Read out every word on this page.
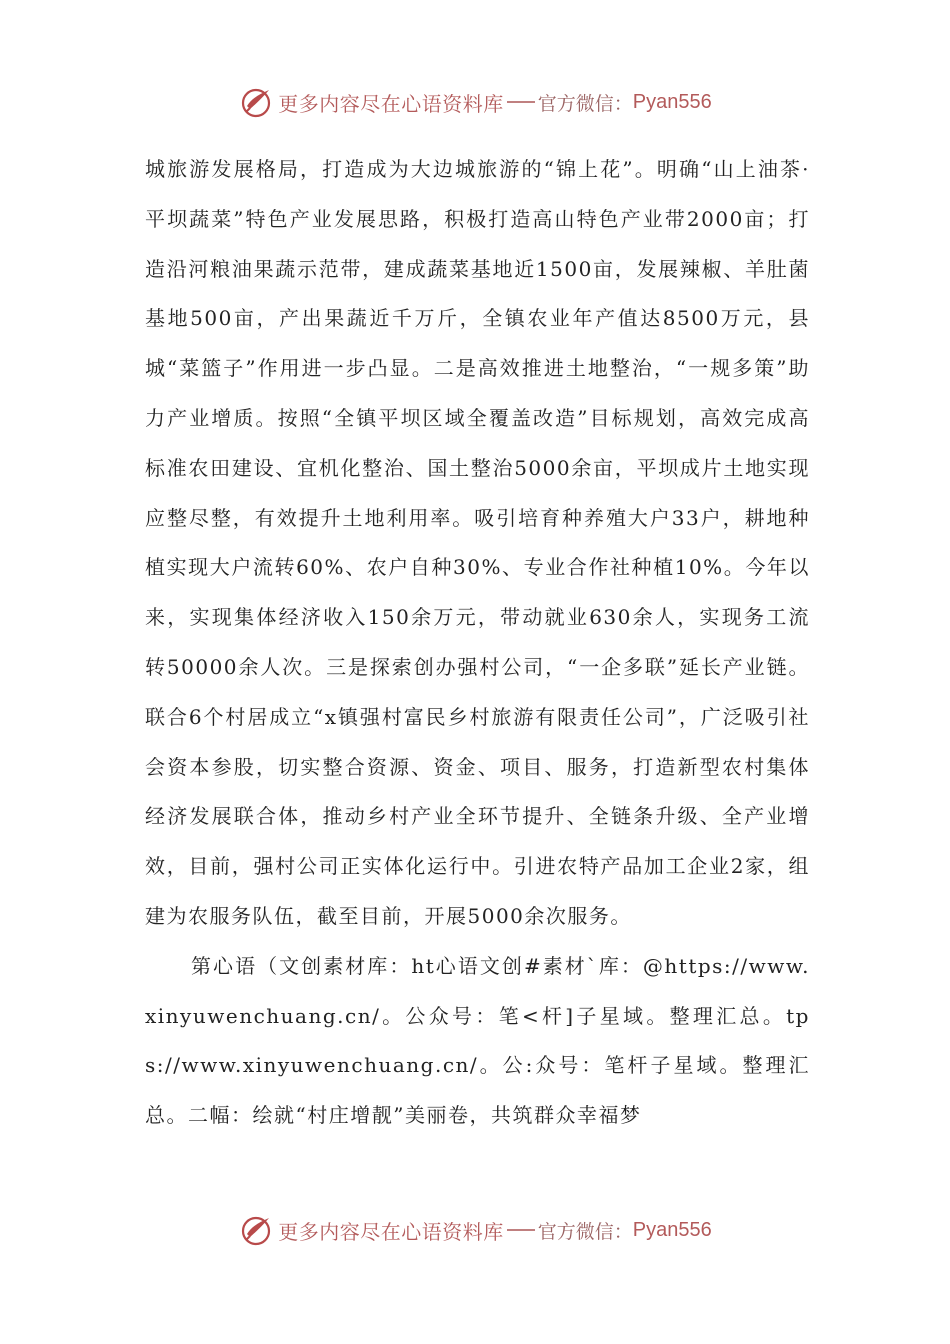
更多内容尽在心语资料库 官方微信： Pyan556

城旅游发展格局，打造成为大边城旅游的“锦上花”。明确“山上油茶·平坝蔬菜”特色产业发展思路，积极打造高山特色产业带2000亩；打造沿河粮油果蔬示范带，建成蔬菜基地近1500亩，发展辣椒、羊肚菌基地500亩，产出果蔬近千万斤，全镇农业年产值达8500万元，县城“菜篮子”作用进一步凸显。二是高效推进土地整治，“一规多策”助力产业增质。按照“全镇平坝区域全覆盖改造”目标规划，高效完成高标准农田建设、宜机化整治、国土整治5000余亩，平坝成片土地实现应整尽整，有效提升土地利用率。吸引培育种养殖大户33户，耕地种植实现大户流转60%、农户自种30%、专业合作社种植10%。今年以来，实现集体经济收入150余万元，带动就业630余人，实现务工流转50000余人次。三是探索创办强村公司，“一企多联”延长产业链。联合6个村居成立“x镇强村富民乡村旅游有限责任公司”，广泛吸引社会资本参股，切实整合资源、资金、项目、服务，打造新型农村集体经济发展联合体，推动乡村产业全环节提升、全链条升级、全产业增效，目前，强村公司正实体化运行中。引进农特产品加工企业2家，组建为农服务队伍，截至目前，开展5000余次服务。

第心语（文创素材库：ht心语文创#素材`库：@https://www.xinyuwenchuang.cn/。公众号：笔<杆]子星域。整理汇总。tps://www.xinyuwenchuang.cn/。公:众号：笔杆子星域。整理汇总。二幅：绘就“村庄增靓”美丽卷，共筑群众幸福梦

更多内容尽在心语资料库 官方微信： Pyan556
